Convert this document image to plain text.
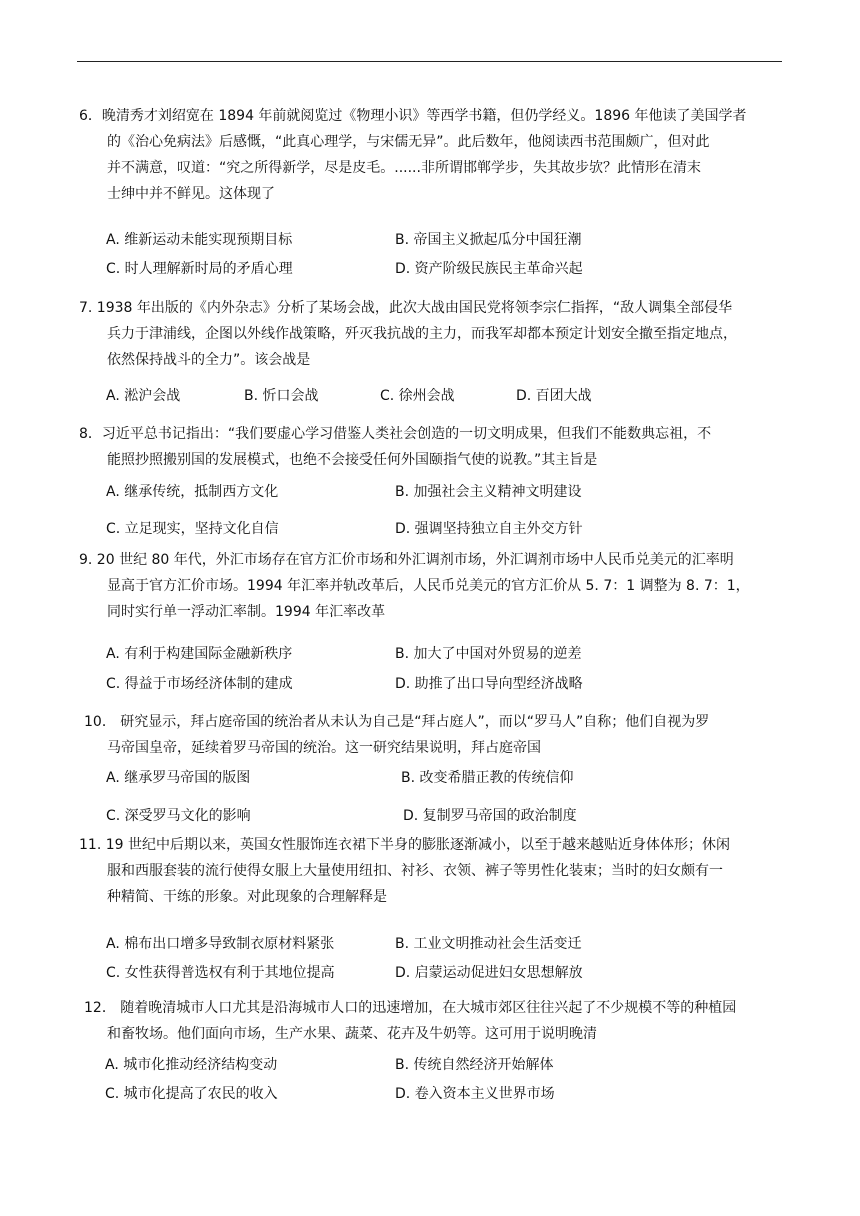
6．晚清秀才刘绍宽在 1894 年前就阅览过《物理小识》等西学书籍，但仍学经义。1896 年他读了美国学者
的《治心免病法》后感慨，“此真心理学，与宋儒无异”。此后数年，他阅读西书范围颇广，但对此
并不满意，叹道：“究之所得新学，尽是皮毛。......非所谓邯郸学步，失其故步欤？此情形在清末
士绅中并不鲜见。这体现了
A. 维新运动未能实现预期目标	B. 帝国主义掀起瓜分中国狂潮
C. 时人理解新时局的矛盾心理	D. 资产阶级民族民主革命兴起
7. 1938 年出版的《内外杂志》分析了某场会战，此次大战由国民党将领李宗仁指挥，“敌人调集全部侵华
兵力于津浦线，企图以外线作战策略，歼灭我抗战的主力，而我军却都本预定计划安全撤至指定地点，
依然保持战斗的全力”。该会战是
A. 淞沪会战	B. 忻口会战	C. 徐州会战	D. 百团大战
8．习近平总书记指出：“我们要虚心学习借鉴人类社会创造的一切文明成果，但我们不能数典忘祖，不
能照抄照搬别国的发展模式，也绝不会接受任何外国颐指气使的说教。”其主旨是
A. 继承传统，抵制西方文化	B. 加强社会主义精神文明建设
C. 立足现实，坚持文化自信	D. 强调坚持独立自主外交方针
9. 20 世纪 80 年代，外汇市场存在官方汇价市场和外汇调剂市场，外汇调剂市场中人民币兑美元的汇率明
显高于官方汇价市场。1994 年汇率并轨改革后，人民币兑美元的官方汇价从 5. 7：1 调整为 8. 7：1，
同时实行单一浮动汇率制。1994 年汇率改革
A. 有利于构建国际金融新秩序	B. 加大了中国对外贸易的逆差
C. 得益于市场经济体制的建成	D. 助推了出口导向型经济战略
10． 研究显示，拜占庭帝国的统治者从未认为自己是“拜占庭人”，而以“罗马人”自称；他们自视为罗
马帝国皇帝，延续着罗马帝国的统治。这一研究结果说明，拜占庭帝国
A. 继承罗马帝国的版图	B. 改变希腊正教的传统信仰
C. 深受罗马文化的影响	D. 复制罗马帝国的政治制度
11. 19 世纪中后期以来，英国女性服饰连衣裙下半身的膨胀逐渐减小，以至于越来越贴近身体体形；休闲
服和西服套装的流行使得女服上大量使用纽扣、衬衫、衣领、裤子等男性化装束；当时的妇女颇有一
种精简、干练的形象。对此现象的合理解释是
A. 棉布出口增多导致制衣原材料紧张	B. 工业文明推动社会生活变迁
C. 女性获得普选权有利于其地位提高	D. 启蒙运动促进妇女思想解放
12． 随着晚清城市人口尤其是沿海城市人口的迅速增加，在大城市郊区往往兴起了不少规模不等的种植园
和畜牧场。他们面向市场，生产水果、蔬菜、花卉及牛奶等。这可用于说明晚清
A. 城市化推动经济结构变动	B. 传统自然经济开始解体
C. 城市化提高了农民的收入	D. 卷入资本主义世界市场
